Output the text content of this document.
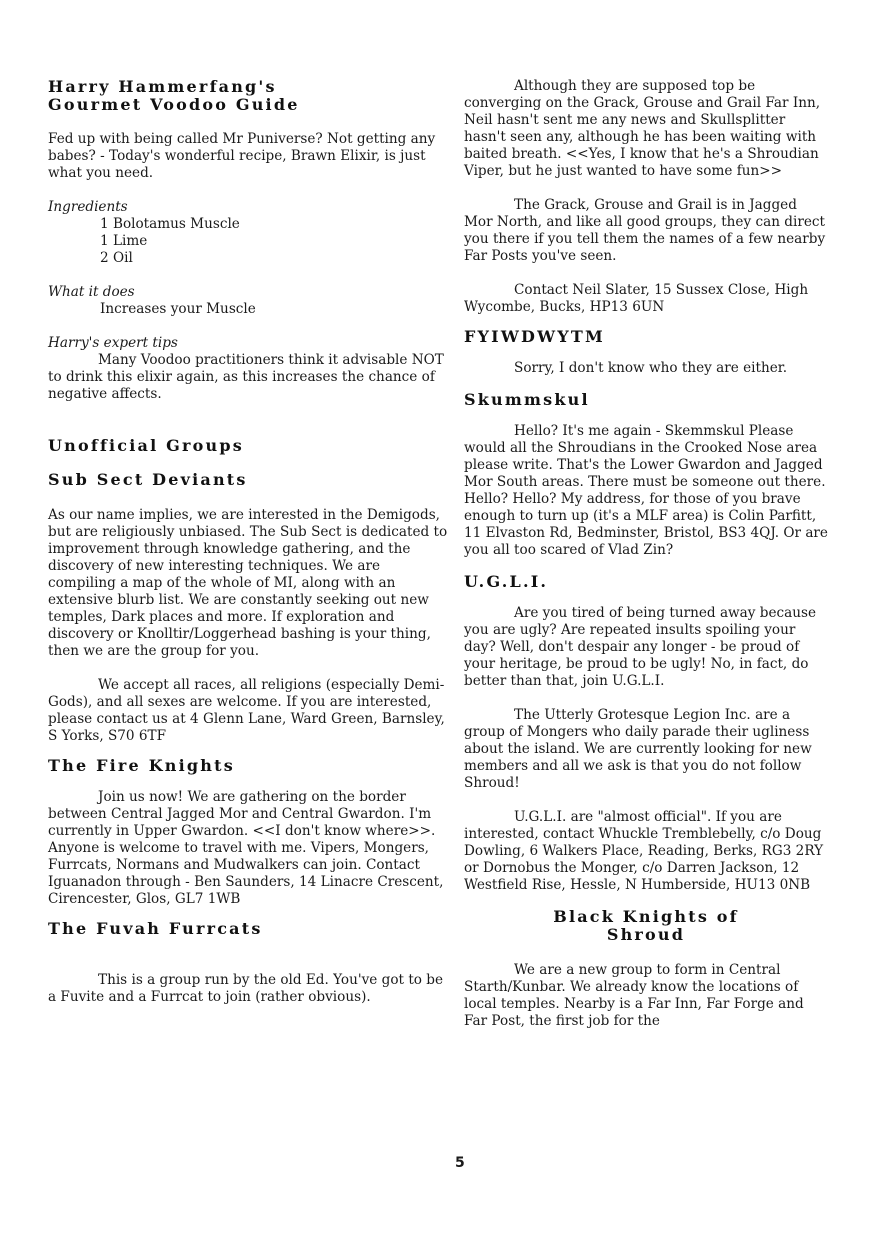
Harry Hammerfang's
Gourmet Voodoo Guide

Fed up with being called Mr Puniverse? Not getting any babes? - Today's wonderful recipe, Brawn Elixir, is just what you need.

Ingredients

1 Bolotamus Muscle
1 Lime
2 Oil

What it does

Increases your Muscle

Harry's expert tips

Many Voodoo practitioners think it advisable NOT to drink this elixir again, as this increases the chance of negative affects.

Unofficial Groups
Sub Sect Deviants

As our name implies, we are interested in the Demigods, but are religiously unbiased. The Sub Sect is dedicated to improvement through knowledge gathering, and the discovery of new interesting techniques. We are compiling a map of the whole of MI, along with an extensive blurb list. We are constantly seeking out new temples, Dark places and more. If exploration and discovery or Knolltir/Loggerhead bashing is your thing, then we are the group for you.

We accept all races, all religions (especially Demi-Gods), and all sexes are welcome. If you are interested, please contact us at 4 Glenn Lane, Ward Green, Barnsley, S Yorks, S70 6TF

The Fire Knights

Join us now! We are gathering on the border between Central Jagged Mor and Central Gwardon. I'm currently in Upper Gwardon. <<I don't know where>>. Anyone is welcome to travel with me. Vipers, Mongers, Furrcats, Normans and Mudwalkers can join. Contact Iguanadon through - Ben Saunders, 14 Linacre Crescent, Cirencester, Glos, GL7 1WB

The Fuvah Furrcats

This is a group run by the old Ed. You've got to be a Fuvite and a Furrcat to join (rather obvious).

Although they are supposed top be converging on the Grack, Grouse and Grail Far Inn, Neil hasn't sent me any news and Skullsplitter hasn't seen any, although he has been waiting with baited breath. <<Yes, I know that he's a Shroudian Viper, but he just wanted to have some fun>>

The Grack, Grouse and Grail is in Jagged Mor North, and like all good groups, they can direct you there if you tell them the names of a few nearby Far Posts you've seen.

Contact Neil Slater, 15 Sussex Close, High Wycombe, Bucks, HP13 6UN

FYIWDWYTM

Sorry, I don't know who they are either.

Skummskul

Hello? It's me again - Skemmskul Please would all the Shroudians in the Crooked Nose area please write. That's the Lower Gwardon and Jagged Mor South areas. There must be someone out there. Hello? Hello? My address, for those of you brave enough to turn up (it's a MLF area) is Colin Parfitt, 11 Elvaston Rd, Bedminster, Bristol, BS3 4QJ. Or are you all too scared of Vlad Zin?

U.G.L.I.

Are you tired of being turned away because you are ugly? Are repeated insults spoiling your day? Well, don't despair any longer - be proud of your heritage, be proud to be ugly! No, in fact, do better than that, join U.G.L.I.

The Utterly Grotesque Legion Inc. are a group of Mongers who daily parade their ugliness about the island. We are currently looking for new members and all we ask is that you do not follow Shroud!

U.G.L.I. are "almost official". If you are interested, contact Whuckle Tremblebelly, c/o Doug Dowling, 6 Walkers Place, Reading, Berks, RG3 2RY or Dornobus the Monger, c/o Darren Jackson, 12 Westfield Rise, Hessle, N Humberside, HU13 0NB

Black Knights of
Shroud

We are a new group to form in Central Starth/Kunbar. We already know the locations of local temples. Nearby is a Far Inn, Far Forge and Far Post, the first job for the

5
